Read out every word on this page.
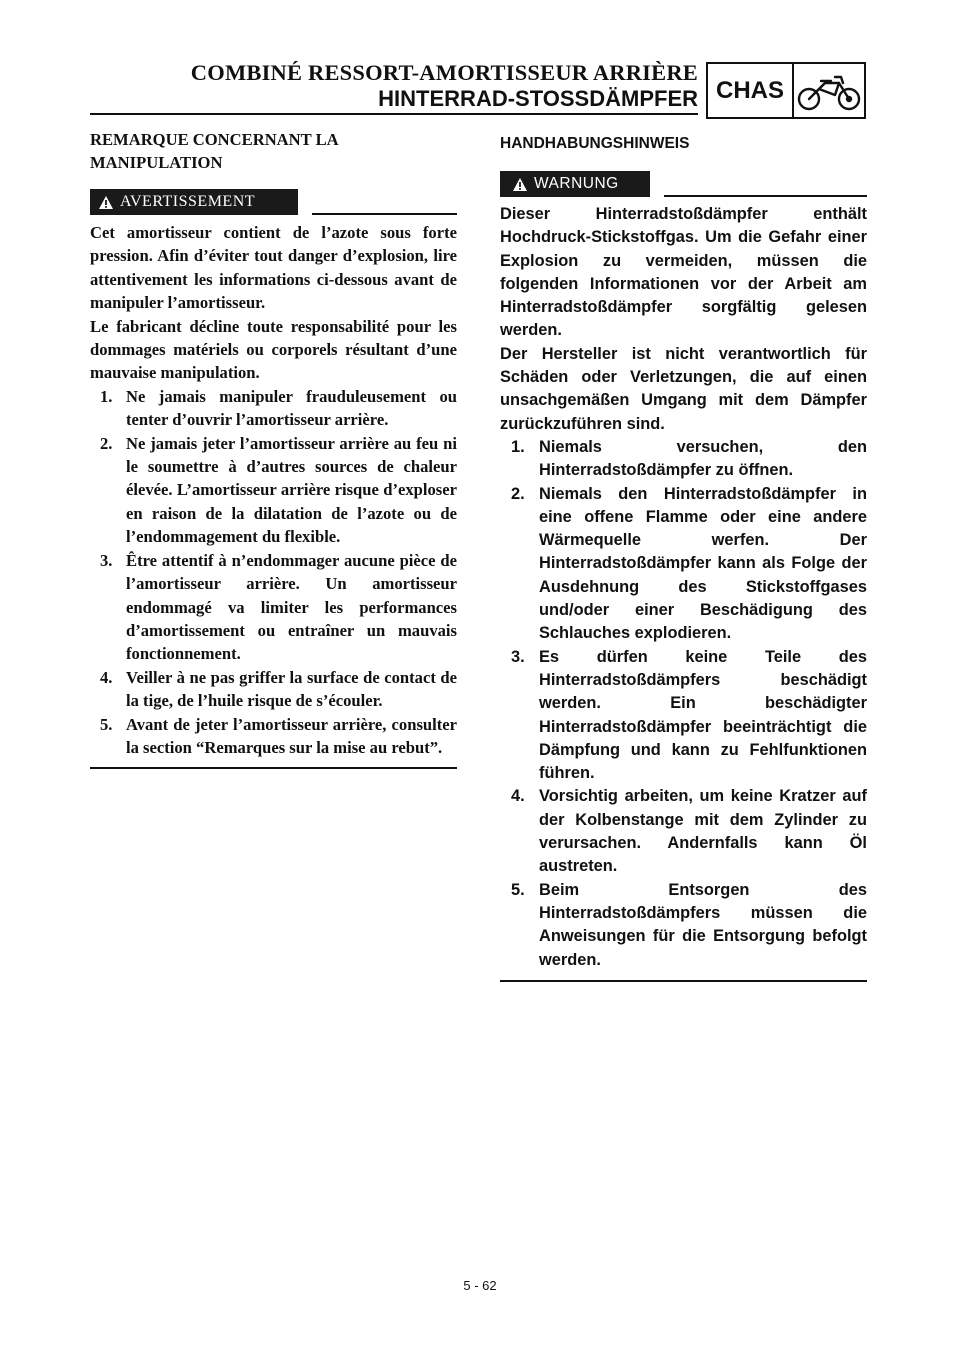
COMBINÉ RESSORT-AMORTISSEUR ARRIÈRE
HINTERRAD-STOSSDÄMPFER CHAS

REMARQUE CONCERNANT LA MANIPULATION

AVERTISSEMENT

Cet amortisseur contient de l’azote sous forte pression. Afin d’éviter tout danger d’explosion, lire attentivement les informations ci-dessous avant de manipuler l’amortisseur.

Le fabricant décline toute responsabilité pour les dommages matériels ou corporels résultant d’une mauvaise manipulation.

1. Ne jamais manipuler frauduleusement ou tenter d’ouvrir l’amortisseur arrière.
2. Ne jamais jeter l’amortisseur arrière au feu ni le soumettre à d’autres sources de chaleur élevée. L’amortisseur arrière risque d’exploser en raison de la dilatation de l’azote ou de l’endommagement du flexible.
3. Être attentif à n’endommager aucune pièce de l’amortisseur arrière. Un amortisseur endommagé va limiter les performances d’amortissement ou entraîner un mauvais fonctionnement.
4. Veiller à ne pas griffer la surface de contact de la tige, de l’huile risque de s’écouler.
5. Avant de jeter l’amortisseur arrière, consulter la section “Remarques sur la mise au rebut”.

HANDHABUNGSHINWEIS

WARNUNG

Dieser Hinterradstoßdämpfer enthält Hochdruck-Stickstoffgas. Um die Gefahr einer Explosion zu vermeiden, müssen die folgenden Informationen vor der Arbeit am Hinterradstoßdämpfer sorgfältig gelesen werden.

Der Hersteller ist nicht verantwortlich für Schäden oder Verletzungen, die auf einen unsachgemäßen Umgang mit dem Dämpfer zurückzuführen sind.

1. Niemals versuchen, den Hinterradstoßdämpfer zu öffnen.
2. Niemals den Hinterradstoßdämpfer in eine offene Flamme oder eine andere Wärmequelle werfen. Der Hinterradstoßdämpfer kann als Folge der Ausdehnung des Stickstoffgases und/oder einer Beschädigung des Schlauches explodieren.
3. Es dürfen keine Teile des Hinterradstoßdämpfers beschädigt werden. Ein beschädigter Hinterradstoßdämpfer beeinträchtigt die Dämpfung und kann zu Fehlfunktionen führen.
4. Vorsichtig arbeiten, um keine Kratzer auf der Kolbenstange mit dem Zylinder zu verursachen. Andernfalls kann Öl austreten.
5. Beim Entsorgen des Hinterradstoßdämpfers müssen die Anweisungen für die Entsorgung befolgt werden.
5 - 62
